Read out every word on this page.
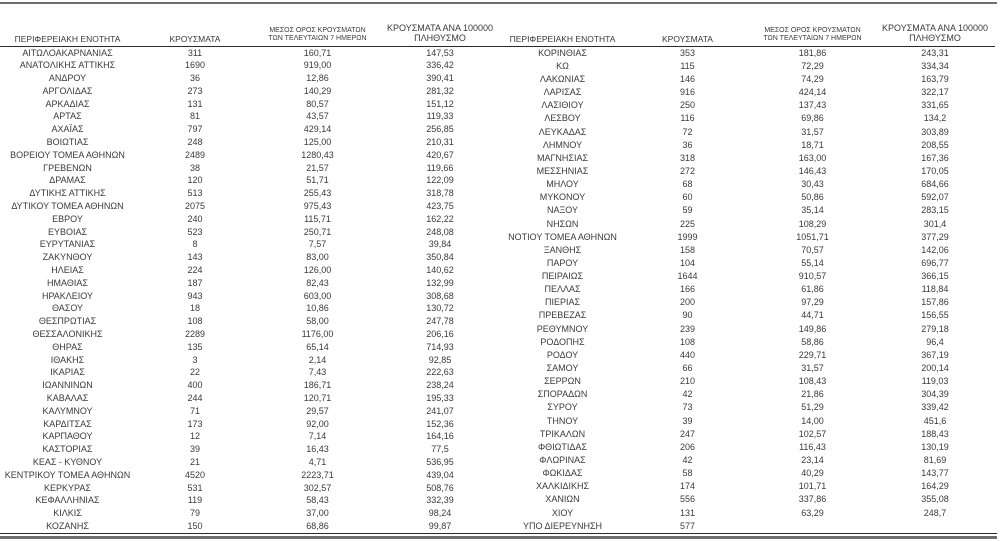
ΠΕΡΙΦΕΡΕΙΑΚΗ ΕΝΟΤΗΤΑ	ΚΡΟΥΣΜΑΤΑ	ΜΕΣΟΣ ΟΡΟΣ ΚΡΟΥΣΜΑΤΩΝ
ΤΩΝ ΤΕΛΕΥΤΑΙΩΝ 7 ΗΜΕΡΩΝ	ΚΡΟΥΣΜΑΤΑ ΑΝΑ 100000
ΠΛΗΘΥΣΜΟ
ΑΙΤΩΛΟΑΚΑΡΝΑΝΙΑΣ	311	160,71	147,53
ΑΝΑΤΟΛΙΚΗΣ ΑΤΤΙΚΗΣ	1690	919,00	336,42
ΑΝΔΡΟΥ	36	12,86	390,41
ΑΡΓΟΛΙΔΑΣ	273	140,29	281,32
ΑΡΚΑΔΙΑΣ	131	80,57	151,12
ΑΡΤΑΣ	81	43,57	119,33
ΑΧΑΪΑΣ	797	429,14	256,85
ΒΟΙΩΤΙΑΣ	248	125,00	210,31
ΒΟΡΕΙΟΥ ΤΟΜΕΑ ΑΘΗΝΩΝ	2489	1280,43	420,67
ΓΡΕΒΕΝΩΝ	38	21,57	119,66
ΔΡΑΜΑΣ	120	51,71	122,09
ΔΥΤΙΚΗΣ ΑΤΤΙΚΗΣ	513	255,43	318,78
ΔΥΤΙΚΟΥ ΤΟΜΕΑ ΑΘΗΝΩΝ	2075	975,43	423,75
ΕΒΡΟΥ	240	115,71	162,22
ΕΥΒΟΙΑΣ	523	250,71	248,08
ΕΥΡΥΤΑΝΙΑΣ	8	7,57	39,84
ΖΑΚΥΝΘΟΥ	143	83,00	350,84
ΗΛΕΙΑΣ	224	126,00	140,62
ΗΜΑΘΙΑΣ	187	82,43	132,99
ΗΡΑΚΛΕΙΟΥ	943	603,00	308,68
ΘΑΣΟΥ	18	10,86	130,72
ΘΕΣΠΡΩΤΙΑΣ	108	58,00	247,78
ΘΕΣΣΑΛΟΝΙΚΗΣ	2289	1176,00	206,16
ΘΗΡΑΣ	135	65,14	714,93
ΙΘΑΚΗΣ	3	2,14	92,85
ΙΚΑΡΙΑΣ	22	7,43	222,63
ΙΩΑΝΝΙΝΩΝ	400	186,71	238,24
ΚΑΒΑΛΑΣ	244	120,71	195,33
ΚΑΛΥΜΝΟΥ	71	29,57	241,07
ΚΑΡΔΙΤΣΑΣ	173	92,00	152,36
ΚΑΡΠΑΘΟΥ	12	7,14	164,16
ΚΑΣΤΟΡΙΑΣ	39	16,43	77,5
ΚΕΑΣ - ΚΥΘΝΟΥ	21	4,71	536,95
ΚΕΝΤΡΙΚΟΥ ΤΟΜΕΑ ΑΘΗΝΩΝ	4520	2223,71	439,04
ΚΕΡΚΥΡΑΣ	531	302,57	508,76
ΚΕΦΑΛΛΗΝΙΑΣ	119	58,43	332,39
ΚΙΛΚΙΣ	79	37,00	98,24
ΚΟΖΑΝΗΣ	150	68,86	99,87
ΠΕΡΙΦΕΡΕΙΑΚΗ ΕΝΟΤΗΤΑ	ΚΡΟΥΣΜΑΤΑ	ΜΕΣΟΣ ΟΡΟΣ ΚΡΟΥΣΜΑΤΩΝ
ΤΩΝ ΤΕΛΕΥΤΑΙΩΝ 7 ΗΜΕΡΩΝ	ΚΡΟΥΣΜΑΤΑ ΑΝΑ 100000
ΠΛΗΘΥΣΜΟ
ΚΟΡΙΝΘΙΑΣ	353	181,86	243,31
ΚΩ	115	72,29	334,34
ΛΑΚΩΝΙΑΣ	146	74,29	163,79
ΛΑΡΙΣΑΣ	916	424,14	322,17
ΛΑΣΙΘΙΟΥ	250	137,43	331,65
ΛΕΣΒΟΥ	116	69,86	134,2
ΛΕΥΚΑΔΑΣ	72	31,57	303,89
ΛΗΜΝΟΥ	36	18,71	208,55
ΜΑΓΝΗΣΙΑΣ	318	163,00	167,36
ΜΕΣΣΗΝΙΑΣ	272	146,43	170,05
ΜΗΛΟΥ	68	30,43	684,66
ΜΥΚΟΝΟΥ	60	50,86	592,07
ΝΑΞΟΥ	59	35,14	283,15
ΝΗΣΩΝ	225	108,29	301,4
ΝΟΤΙΟΥ ΤΟΜΕΑ ΑΘΗΝΩΝ	1999	1051,71	377,29
ΞΑΝΘΗΣ	158	70,57	142,06
ΠΑΡΟΥ	104	55,14	696,77
ΠΕΙΡΑΙΩΣ	1644	910,57	366,15
ΠΕΛΛΑΣ	166	61,86	118,84
ΠΙΕΡΙΑΣ	200	97,29	157,86
ΠΡΕΒΕΖΑΣ	90	44,71	156,55
ΡΕΘΥΜΝΟΥ	239	149,86	279,18
ΡΟΔΟΠΗΣ	108	58,86	96,4
ΡΟΔΟΥ	440	229,71	367,19
ΣΑΜΟΥ	66	31,57	200,14
ΣΕΡΡΩΝ	210	108,43	119,03
ΣΠΟΡΑΔΩΝ	42	21,86	304,39
ΣΥΡΟΥ	73	51,29	339,42
ΤΗΝΟΥ	39	14,00	451,6
ΤΡΙΚΑΛΩΝ	247	102,57	188,43
ΦΘΙΩΤΙΔΑΣ	206	116,43	130,19
ΦΛΩΡΙΝΑΣ	42	23,14	81,69
ΦΩΚΙΔΑΣ	58	40,29	143,77
ΧΑΛΚΙΔΙΚΗΣ	174	101,71	164,29
ΧΑΝΙΩΝ	556	337,86	355,08
ΧΙΟΥ	131	63,29	248,7
ΥΠΟ ΔΙΕΡΕΥΝΗΣΗ	577		
